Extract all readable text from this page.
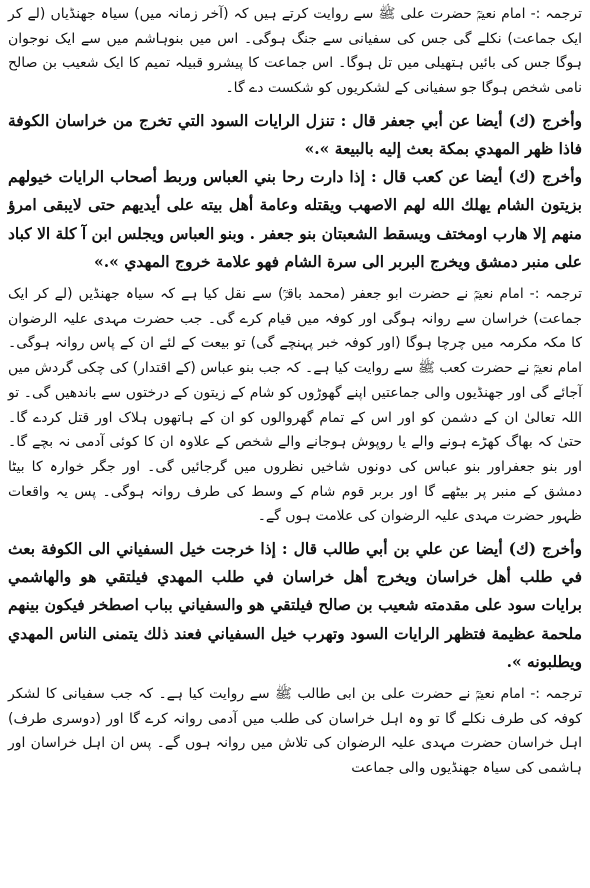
ترجمہ :- امام نعیمؒ حضرت علی ﷺ سے روایت کرتے ہیں کہ (آخر زمانہ میں) سیاہ جھنڈیاں (لے کر ایک جماعت) نکلے گی جس کی سفیانی سے جنگ ہوگی۔ اس میں بنوہاشم میں سے ایک نوجوان ہوگا جس کی بائیں ہتھیلی میں تل ہوگا۔ اس جماعت کا پیشرو قبیلہ تمیم کا ایک شعیب بن صالح نامی شخص ہوگا جو سفیانی کے لشکریوں کو شکست دے گا۔

وأخرج (ك) أيضا عن أبي جعفر قال : تنزل الرايات السود التي تخرج من خراسان الكوفة فاذا ظهر المهدي بمكة بعث إليه بالبيعة ».»

وأخرج (ك) أيضا عن كعب قال : إذا دارت رحا بني العباس وربط أصحاب الرايات خيولهم بزيتون الشام يهلك الله لهم الاصهب ويقتله وعامة أهل بيته على أيديهم حتى لايبقى امرؤ منهم إلا هارب اومختف ويسقط الشعبتان بنو جعفر . وبنو العباس ويجلس ابن آ كلة الا كباد على منبر دمشق ويخرج البربر الى سرة الشام فهو علامة خروج المهدي ».»

ترجمہ :- امام نعیمؒ نے حضرت ابو جعفر (محمد باقرؒ) سے نقل کیا ہے کہ سیاہ جھنڈیں (لے کر ایک جماعت) خراسان سے روانہ ہوگی اور کوفہ میں قیام کرے گی۔ جب حضرت مہدی علیہ الرضوان کا مکہ مکرمہ میں چرچا ہوگا (اور کوفہ خبر پہنچے گی) تو بیعت کے لئے ان کے پاس روانہ ہوگی۔ امام نعیمؒ نے حضرت کعب ﷺ سے روایت کیا ہے۔ کہ جب بنو عباس (کے اقتدار) کی چکی گردش میں آجائے گی اور جھنڈیوں والی جماعتیں اپنے گھوڑوں کو شام کے زیتون کے درختوں سے باندھیں گی۔ تو اللہ تعالیٰ ان کے دشمن کو اور اس کے تمام گھروالوں کو ان کے ہاتھوں ہلاک اور قتل کردے گا۔ حتیٰ کہ بھاگ کھڑے ہونے والے یا روپوش ہوجانے والے شخص کے علاوہ ان کا کوئی آدمی نہ بچے گا۔ اور بنو جعفراور بنو عباس کی دونوں شاخیں نظروں میں گرجائیں گی۔ اور جگر خوارہ کا بیٹا دمشق کے منبر پر بیٹھے گا اور بربر قوم شام کے وسط کی طرف روانہ ہوگی۔ پس یہ واقعات ظہور حضرت مہدی علیہ الرضوان کی علامت ہوں گے۔

وأخرج (ك) أيضا عن علي بن أبي طالب قال : إذا خرجت خيل السفياني الى الكوفة بعث في طلب أهل خراسان ويخرج أهل خراسان في طلب المهدي فيلتقي هو والهاشمي برايات سود على مقدمته شعيب بن صالح فيلتقي هو والسفياني بباب اصطخر فيكون بينهم ملحمة عظيمة فتظهر الرايات السود وتهرب خيل السفياني فعند ذلك يتمنى الناس المهدي ويطلبونه ».

ترجمہ :- امام نعیمؒ نے حضرت علی بن ابی طالب ﷺ سے روایت کیا ہے۔ کہ جب سفیانی کا لشکر کوفہ کی طرف نکلے گا تو وہ اہل خراسان کی طلب میں آدمی روانہ کرے گا اور (دوسری طرف) اہل خراسان حضرت مہدی علیہ الرضوان کی تلاش میں روانہ ہوں گے۔ پس ان اہل خراسان اور ہاشمی کی سیاہ جھنڈیوں والی جماعت
